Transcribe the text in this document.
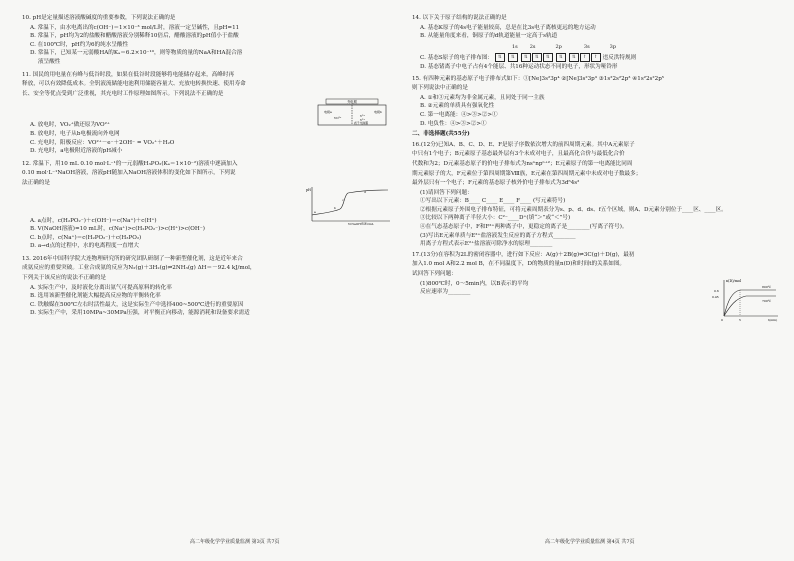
10. pH是定量描述溶液酸碱度的重要参数，下列说法正确的是

A. 常温下，由水电离出的c(OH⁻)＝1×10⁻³ mol/L时，溶液一定呈碱性，且pH=11

B. 常温下，pH均为2的盐酸和醋酸溶液分别稀释10倍后，醋酸溶液的pH值小于盐酸

C. 在100℃时，pH约为6的纯水呈酸性

D. 常温下，已知某一元弱酸HA的Kₐ＝6.2×10⁻¹⁰，则等物质的量的NaA和HA混合溶

液呈酸性

11. 国民的用电量在有峰与低谷时段，如果在低谷时段能够将电能储存起来，高峰时再

释放，可以有效降低成本。全钒液流储能电池利用储能容量大、充放电转换快速、使用寿命

长、安全等优点受到广泛重视，其充电时工作原理如图所示。下列说法不正确的是

外电网
电极a	电极b
质子交换膜
VO²⁺	V³⁺
V²⁺

A. 放电时，VO₂⁺做还原为VO²⁺

B. 放电时，电子从b电极流向外电网

C. 充电时，阳极反应：VO²⁺－e⁻＋2OH⁻ = VO₂⁺＋H₂O

D. 充电时，a电极附近溶液的pH减小

12. 常温下，用10 mL 0.10 mol·L⁻¹的一元弱酸H₃PO₂(Kₐ＝1×10⁻²)溶液中逐滴加入

0.10 mol·L⁻¹NaOH溶液，溶液pH随加入NaOH溶液体积的变化如下图所示，下列说

法正确的是

pH
V(NaOH溶液)/mL
a
b
c
d

A. a点时，c(H₂PO₂⁻)＋c(OH⁻)＝c(Na⁺)＋c(H⁺)

B. V(NaOH溶液)=10 mL时，c(Na⁺)>c(H₂PO₂⁻)>c(H⁺)>c(OH⁻)

C. b点时，c(Na⁺)＝c(H₂PO₂⁻)＋c(H₃PO₂)

D. a→d点的过程中，水的电离程度一直增大

13. 2016年中国科学院大连物理研究所的研究团队研制了一种新型催化剂，这是近年来合

成氨反应的重要突破。工业合成氨的反应为N₂(g)＋3H₂(g)⇌2NH₃(g) ΔH＝－92.4 kJ/mol，

下列关于该反应的说法不正确的是

A. 实际生产中，及时液化分离出氨气可提高原料的转化率

B. 选用该新型催化剂能大幅提高反应物的平衡转化率

C. 铁触媒在500℃左右时活性最大，这是实际生产中选择400~500℃进行的重要原因

D. 实际生产中，采用10MPa~30MPa压强，对平衡正向移动，能源消耗和设备要求需适

高二年级化学学业质量监测 第3页 共7页

14. 以下关于原子结构的说法正确的是

A. 基态K原子的4s电子能量较高，总是在比3s电子离核更远的地方运动

B. 从能量角度来看，铜原子的d轨道能量一定高于s轨道

1s 2s	2p	3s	3p

C. 基态S原子的电子排布图：	⇅	⇅	⇅	⇅	⇅	⇅	⇅	↑	↑ 违反洪特规则

D. 基态锗离子中电子占有4个能层、共16种运动状态不同的电子，形状为哑铃形

15. 有四种元素的基态原子电子排布式如下：①[Ne]3s²3p⁴ ②[Ne]3s²3p³ ③1s²2s²2p³ ④1s²2s²2p⁵

则下列说法中正确的是

A. ①和③元素均为非金属元素，且同处于同一主族

B. ②元素的单质具有强氧化性

C. 第一电离能：④>③>②>①

D. 电负性：④>③>②>①

二、非选择题(共55分)

16.(12分)已知A、B、C、D、E、F是原子序数依次增大的前四周期元素。其中A元素原子

中只有1个电子；B元素原子基态最外层有3个未成对电子，且最高化合价与最低化合价

代数和为2；D元素基态原子的价电子排布式为nsⁿnpⁿ⁺²；E元素原子的第一电离能比同周

期元素原子的大，F元素位于第四周期第Ⅷ族，E元素在第四周期元素中未成对电子数最多；

最外层只有一个电子；F元素的基态原子核外价电子排布式为3d⁶4s²

(1)请回答下列问题：

①写出以下元素：B____ C____ E____ F____ (写元素符号)

②根据元素原子外围电子排布特征，可将元素周期表分为s、p、d、ds、f五个区域，则A、D元素分别位于____区、____区。

③比较以下两种离子半径大小：C²⁻____D⁺(填“＞”或“＜”号)

④在气态基态原子中，F和F²⁺两种离子中，更稳定的离子是________(写离子符号)。

(3)写出E元素单质与E²⁺盐溶液发生反应的离子方程式________

用离子方程式表示E²⁺盐溶液可除净水的原理________

17.(13分)在容积为2L的密闭容器中，进行如下反应：A(g)＋2B(g)⇌3C(g)＋D(g)，最初

加入1.0 mol A和2.2 mol B，在不同温度下，D的物质的量n(D)和时间t的关系如图。

试回答下列问题：

n(D)/mol
0.6
0.45
800℃
700℃
5	t(min)
0

(1)800℃时，0～5min内，以B表示的平均

反应速率为________

高二年级化学学业质量监测 第4页 共7页
